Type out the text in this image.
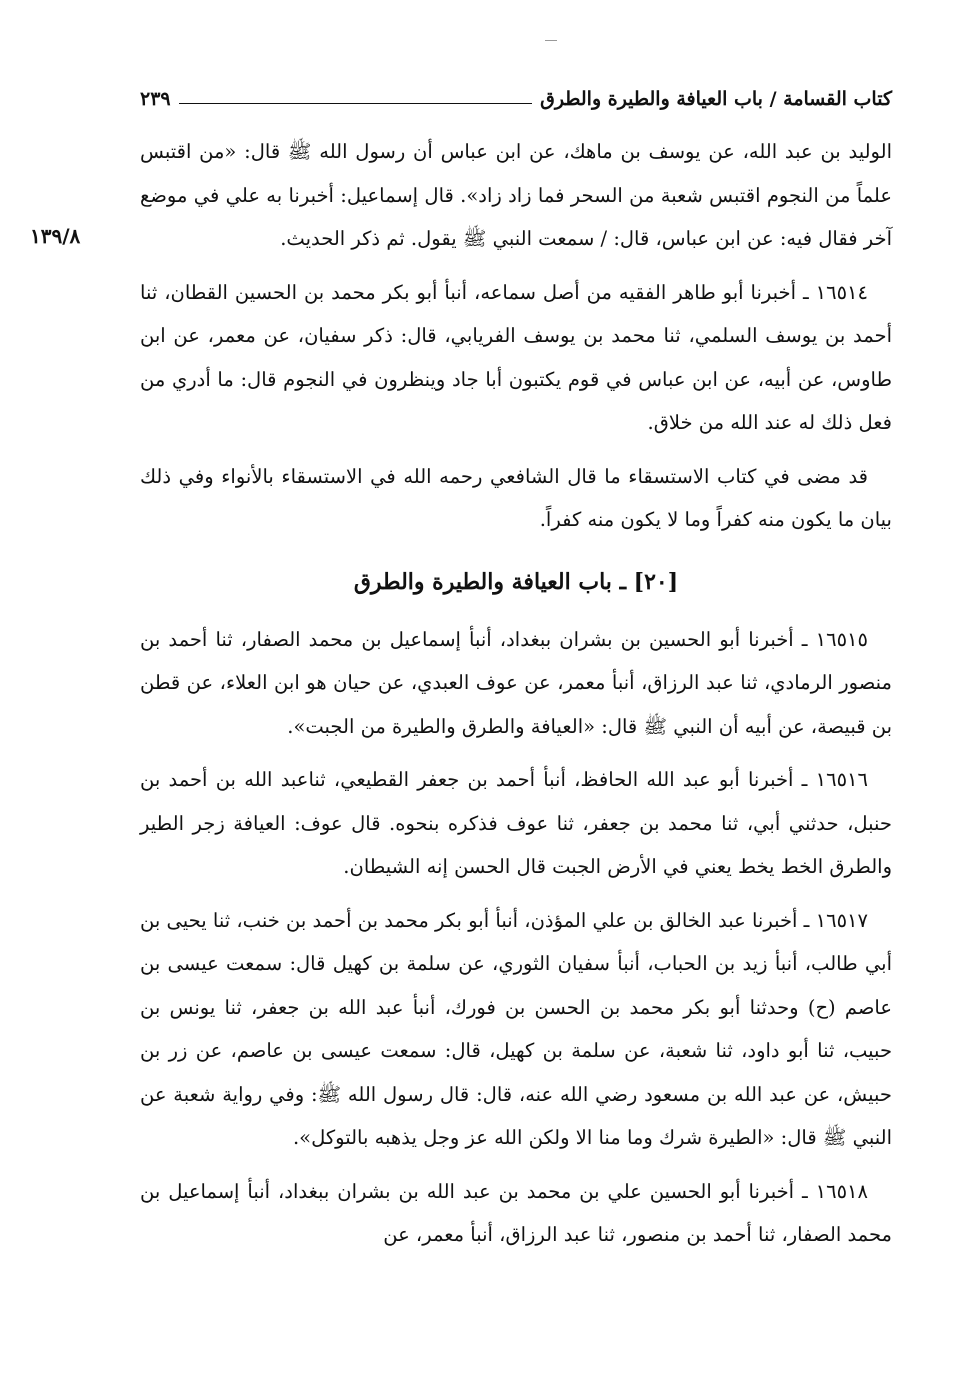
كتاب القسامة / باب العيافة والطيرة والطرق
٢٣٩
١٣٩/٨

الوليد بن عبد الله، عن يوسف بن ماهك، عن ابن عباس أن رسول الله ﷺ قال: «من اقتبس علماً من النجوم اقتبس شعبة من السحر فما زاد زاد». قال إسماعيل: أخبرنا به علي في موضع آخر فقال فيه: عن ابن عباس، قال: / سمعت النبي ﷺ يقول. ثم ذكر الحديث.

١٦٥١٤ ـ أخبرنا أبو طاهر الفقيه من أصل سماعه، أنبأ أبو بكر محمد بن الحسين القطان، ثنا أحمد بن يوسف السلمي، ثنا محمد بن يوسف الفريابي، قال: ذكر سفيان، عن معمر، عن ابن طاوس، عن أبيه، عن ابن عباس في قوم يكتبون أبا جاد وينظرون في النجوم قال: ما أدري من فعل ذلك له عند الله من خلاق.

قد مضى في كتاب الاستسقاء ما قال الشافعي رحمه الله في الاستسقاء بالأنواء وفي ذلك بيان ما يكون منه كفراً وما لا يكون منه كفراً.

[٢٠] ـ باب العيافة والطيرة والطرق

١٦٥١٥ ـ أخبرنا أبو الحسين بن بشران ببغداد، أنبأ إسماعيل بن محمد الصفار، ثنا أحمد بن منصور الرمادي، ثنا عبد الرزاق، أنبأ معمر، عن عوف العبدي، عن حيان هو ابن العلاء، عن قطن بن قبيصة، عن أبيه أن النبي ﷺ قال: «العيافة والطرق والطيرة من الجبت».

١٦٥١٦ ـ أخبرنا أبو عبد الله الحافظ، أنبأ أحمد بن جعفر القطيعي، ثناعبد الله بن أحمد بن حنبل، حدثني أبي، ثنا محمد بن جعفر، ثنا عوف فذكره بنحوه. قال عوف: العيافة زجر الطير والطرق الخط يخط يعني في الأرض الجبت قال الحسن إنه الشيطان.

١٦٥١٧ ـ أخبرنا عبد الخالق بن علي المؤذن، أنبأ أبو بكر محمد بن أحمد بن خنب، ثنا يحيى بن أبي طالب، أنبأ زيد بن الحباب، أنبأ سفيان الثوري، عن سلمة بن كهيل قال: سمعت عيسى بن عاصم (ح) وحدثنا أبو بكر محمد بن الحسن بن فورك، أنبأ عبد الله بن جعفر، ثنا يونس بن حبيب، ثنا أبو داود، ثنا شعبة، عن سلمة بن كهيل، قال: سمعت عيسى بن عاصم، عن زر بن حبيش، عن عبد الله بن مسعود رضي الله عنه، قال: قال رسول الله ﷺ: وفي رواية شعبة عن النبي ﷺ قال: «الطيرة شرك وما منا الا ولكن الله عز وجل يذهبه بالتوكل».

١٦٥١٨ ـ أخبرنا أبو الحسين علي بن محمد بن عبد الله بن بشران ببغداد، أنبأ إسماعيل بن محمد الصفار، ثنا أحمد بن منصور، ثنا عبد الرزاق، أنبأ معمر، عن
